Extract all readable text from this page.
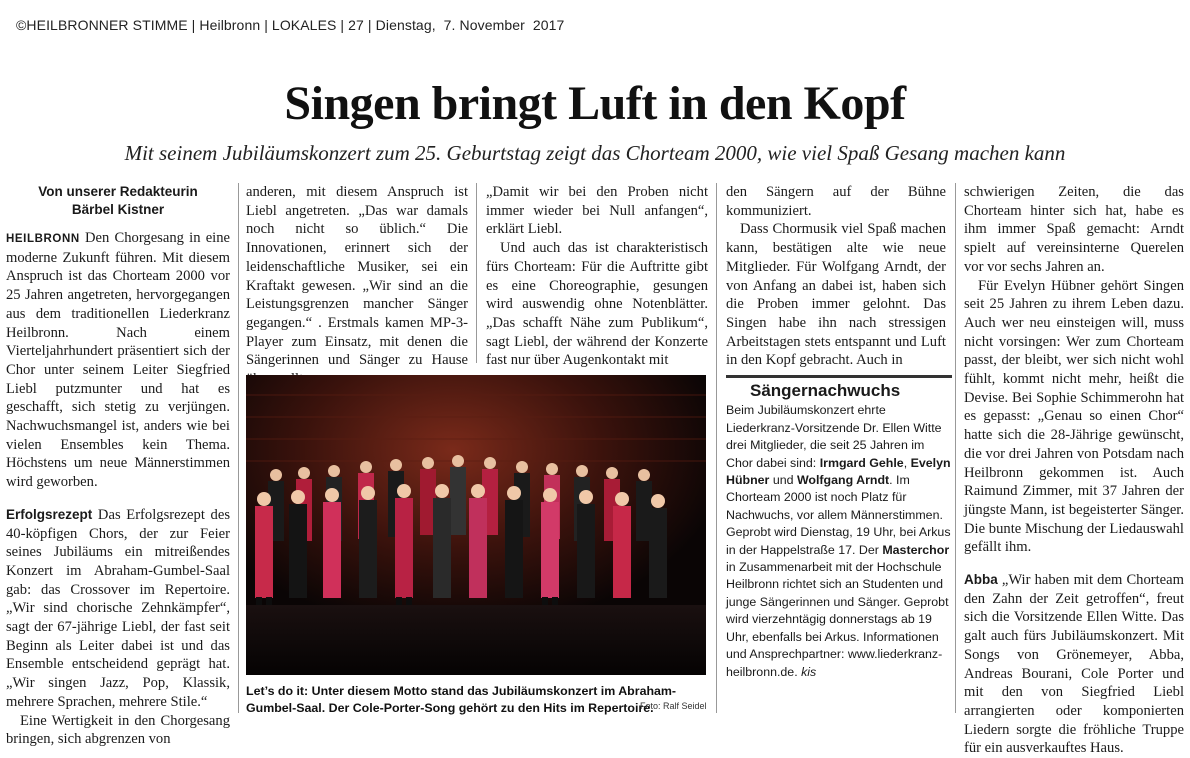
©HEILBRONNER STIMME | Heilbronn | LOKALES | 27 | Dienstag,  7. November  2017
Singen bringt Luft in den Kopf
Mit seinem Jubiläumskonzert zum 25. Geburtstag zeigt das Chorteam 2000, wie viel Spaß Gesang machen kann
Von unserer Redakteurin
Bärbel Kistner

HEILBRONN Den Chorgesang in eine moderne Zukunft führen. Mit diesem Anspruch ist das Chorteam 2000 vor 25 Jahren angetreten, hervorgegangen aus dem traditionellen Liederkranz Heilbronn. Nach einem Vierteljahrhundert präsentiert sich der Chor unter seinem Leiter Siegfried Liebl putzmunter und hat es geschafft, sich stetig zu verjüngen. Nachwuchsmangel ist, anders wie bei vielen Ensembles kein Thema. Höchstens um neue Männerstimmen wird geworben.

Erfolgsrezept Das Erfolgsrezept des 40-köpfigen Chors, der zur Feier seines Jubiläums ein mitreißendes Konzert im Abraham-Gumbel-Saal gab: das Crossover im Repertoire. „Wir sind chorische Zehnkämpfer“, sagt der 67-jährige Liebl, der fast seit Beginn als Leiter dabei ist und das Ensemble entscheidend geprägt hat. „Wir singen Jazz, Pop, Klassik, mehrere Sprachen, mehrere Stile.“

Eine Wertigkeit in den Chorgesang bringen, sich abgrenzen von

anderen, mit diesem Anspruch ist Liebl angetreten. „Das war damals noch nicht so üblich.“ Die Innovationen, erinnert sich der leidenschaftliche Musiker, sei ein Kraftakt gewesen. „Wir sind an die Leistungsgrenzen mancher Sänger gegangen.“ . Erstmals kamen MP-3-Player zum Einsatz, mit denen die Sängerinnen und Sänger zu Hause

„Damit wir bei den Proben nicht immer wieder bei Null anfangen“, erklärt Liebl.

Und auch das ist charakteristisch fürs Chorteam: Für die Auftritte gibt es eine Choreographie, gesungen wird auswendig ohne Notenblätter. „Das schafft Nähe zum Publikum“, sagt Liebl, der während der Konzerte fast nur über Augenkontakt mit

den Sängern auf der Bühne kommuniziert.

Dass Chormusik viel Spaß machen kann, bestätigen alte wie neue Mitglieder. Für Wolfgang Arndt, der von Anfang an dabei ist, haben sich die Proben immer gelohnt. Das Singen habe ihn nach stressigen Arbeitstagen stets entspannt und Luft in den Kopf gebracht. Auch in

schwierigen Zeiten, die das Chorteam hinter sich hat, habe es ihm immer Spaß gemacht: Arndt spielt auf vereinsinterne Querelen vor vor sechs Jahren an.

Für Evelyn Hübner gehört Singen seit 25 Jahren zu ihrem Leben dazu. Auch wer neu einsteigen will, muss nicht vorsingen: Wer zum Chorteam passt, der bleibt, wer sich nicht wohl fühlt, kommt nicht mehr, heißt die Devise. Bei Sophie Schimmerohn hat es gepasst: „Genau so einen Chor“ hatte sich die 28-Jährige gewünscht, die vor drei Jahren von Potsdam nach Heilbronn gekommen ist. Auch Raimund Zimmer, mit 37 Jahren der jüngste Mann, ist begeisterter Sänger. Die bunte Mischung der Liedauswahl gefällt ihm.

Abba „Wir haben mit dem Chorteam den Zahn der Zeit getroffen“, freut sich die Vorsitzende Ellen Witte. Das galt auch fürs Jubiläumskonzert. Mit Songs von Grönemeyer, Abba, Andreas Bourani, Cole Porter und mit den von Siegfried Liebl arrangierten oder komponierten Liedern sorgte die fröhliche Truppe für ein ausverkauftes Haus.

Let’s do it: Unter diesem Motto stand das Jubiläumskonzert im Abraham-Gumbel-Saal. Der Cole-Porter-Song gehört zu den Hits im Repertoire.
Foto: Ralf Seidel
Sängernachwuchs
Beim Jubiläumskonzert ehrte Liederkranz-Vorsitzende Dr. Ellen Witte drei Mitglieder, die seit 25 Jahren im Chor dabei sind: Irmgard Gehle, Evelyn Hübner und Wolfgang Arndt. Im Chorteam 2000 ist noch Platz für Nachwuchs, vor allem Männerstimmen. Geprobt wird Dienstag, 19 Uhr, bei Arkus in der Happelstraße 17. Der Masterchor in Zusammenarbeit mit der Hochschule Heilbronn richtet sich an Studenten und junge Sängerinnen und Sänger. Geprobt wird vierzehntägig donnerstags ab 19 Uhr, ebenfalls bei Arkus. Informationen und Ansprechpartner: www.liederkranz-heilbronn.de. kis
